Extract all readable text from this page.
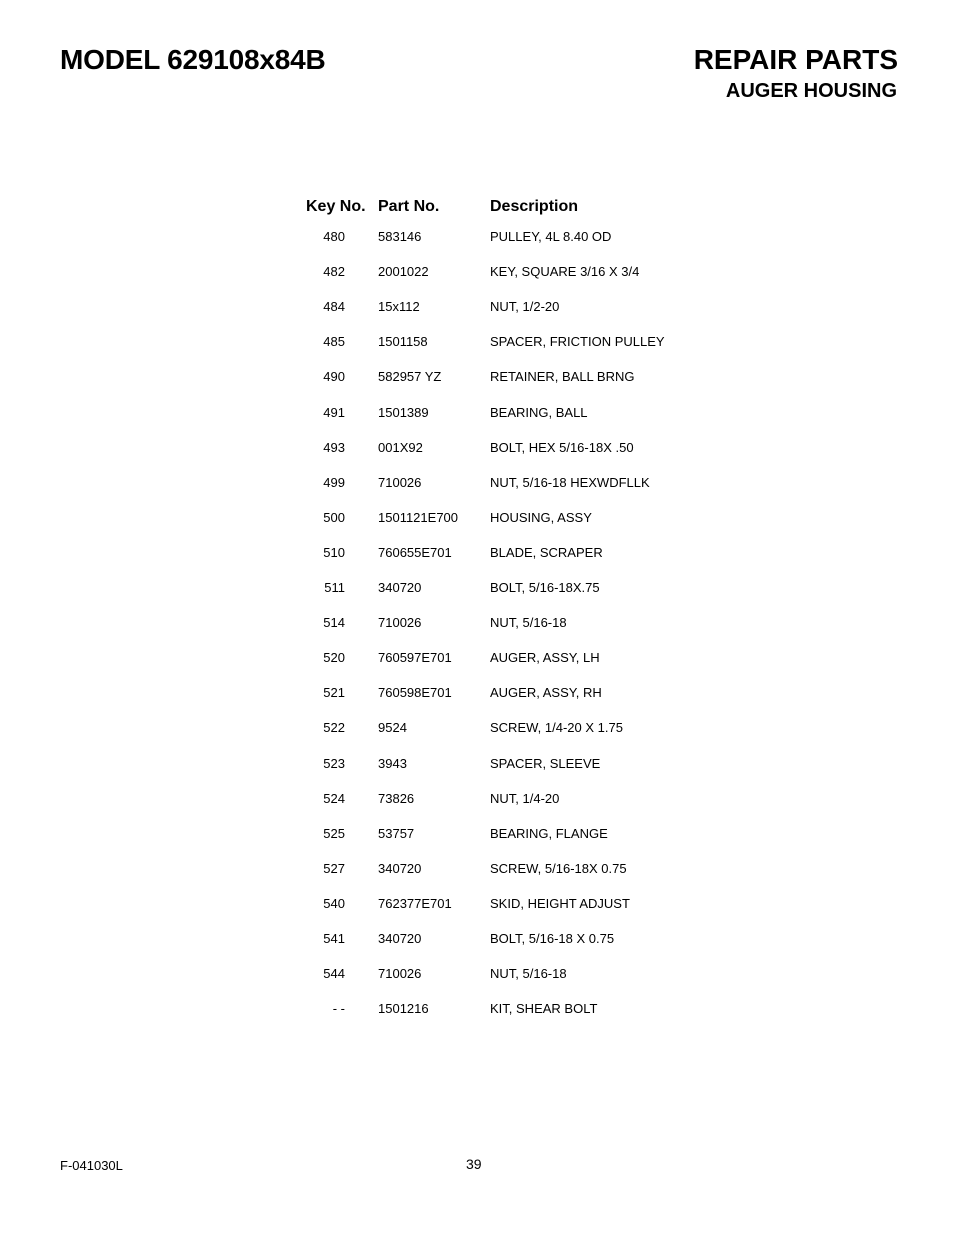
MODEL 629108x84B	REPAIR PARTS
AUGER HOUSING
Key No. Part No.	Description
480	583146	PULLEY, 4L 8.40 OD
482	2001022	KEY, SQUARE 3/16 X 3/4
484	15x112	NUT, 1/2-20
485	1501158	SPACER, FRICTION PULLEY
490	582957 YZ	RETAINER, BALL BRNG
491	1501389	BEARING, BALL
493	001X92	BOLT, HEX 5/16-18X .50
499	710026	NUT, 5/16-18 HEXWDFLLK
500	1501121E700 HOUSING, ASSY
510	760655E701	BLADE, SCRAPER
511	340720	BOLT, 5/16-18X.75
514	710026	NUT, 5/16-18
520	760597E701	AUGER, ASSY, LH
521	760598E701	AUGER, ASSY, RH
522	9524	SCREW, 1/4-20 X 1.75
523	3943	SPACER, SLEEVE
524	73826	NUT, 1/4-20
525	53757	BEARING, FLANGE
527	340720	SCREW, 5/16-18X 0.75
540	762377E701	SKID, HEIGHT ADJUST
541	340720	BOLT, 5/16-18 X 0.75
544	710026	NUT, 5/16-18
- -	1501216	KIT, SHEAR BOLT
F-041030L	39
